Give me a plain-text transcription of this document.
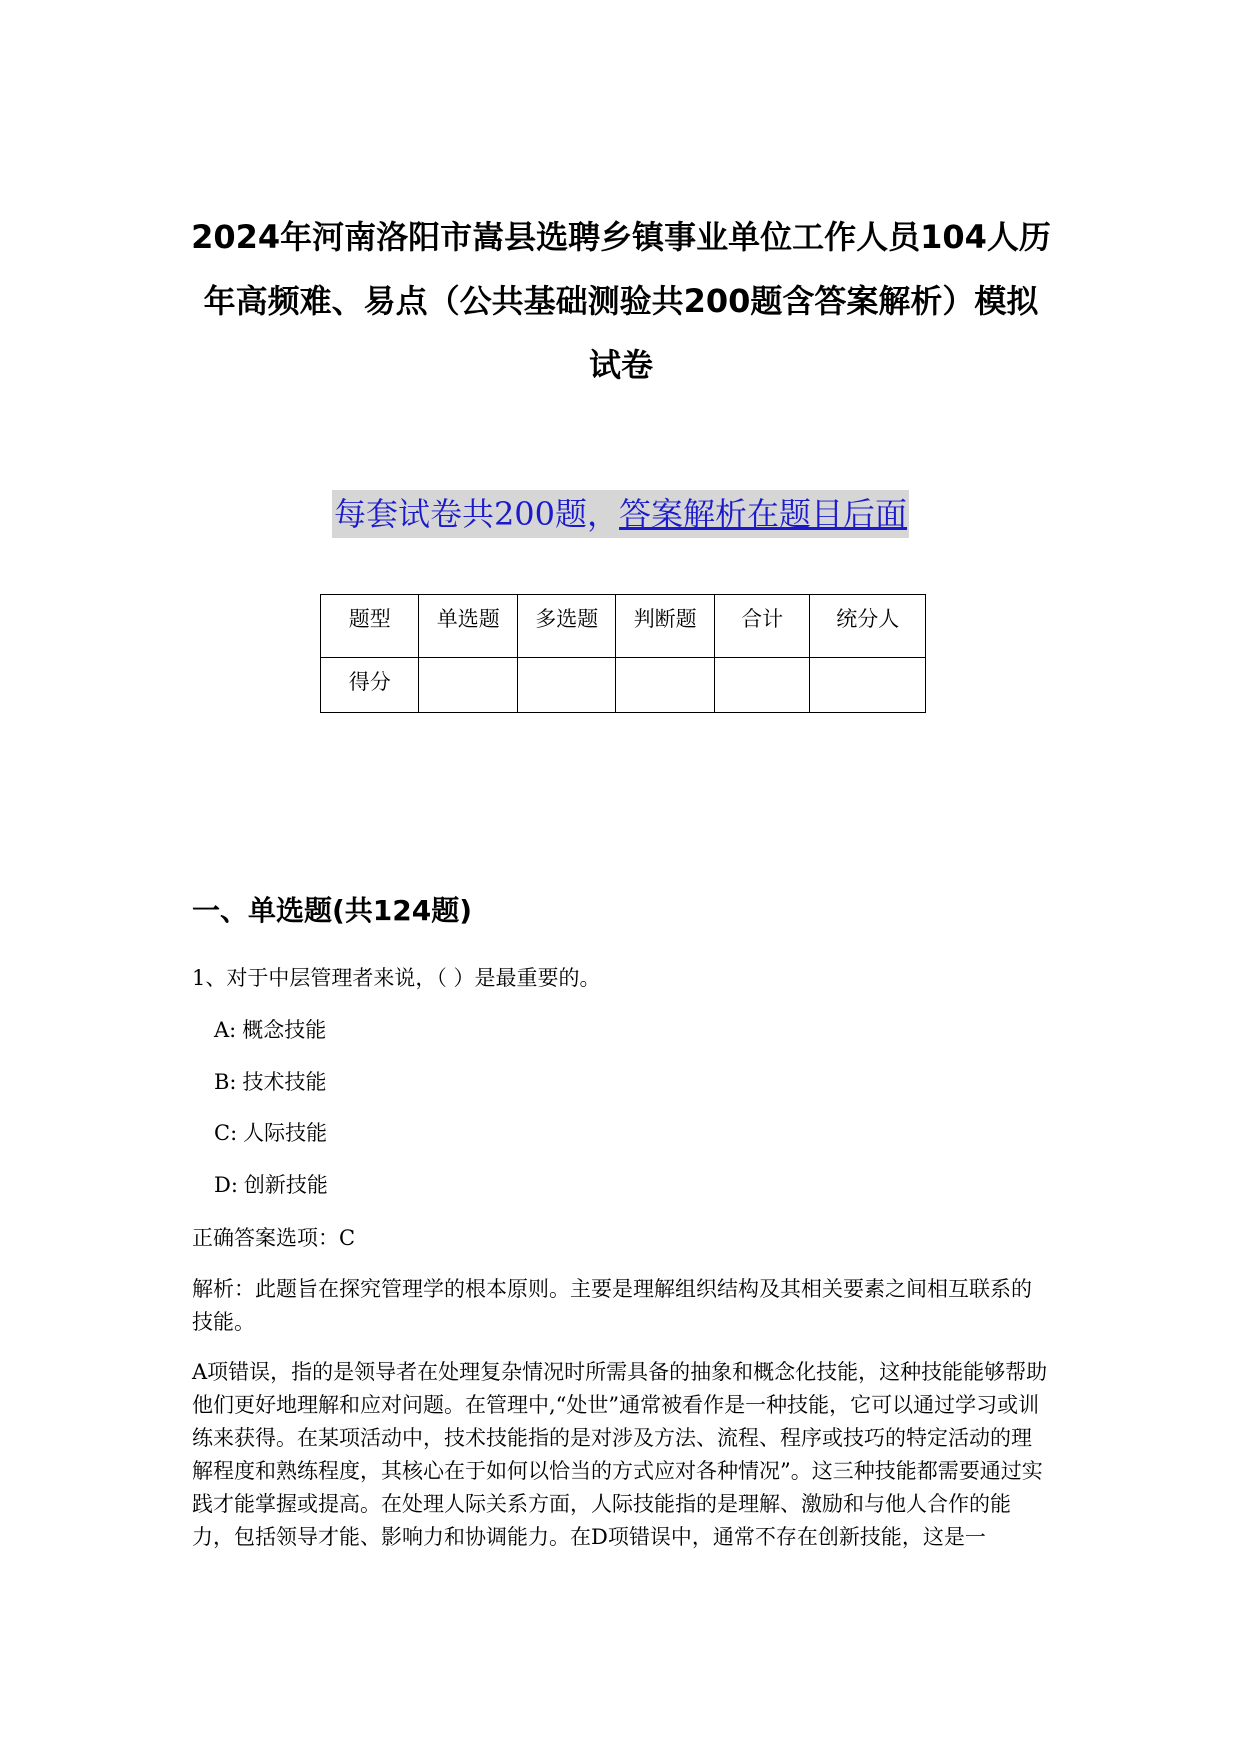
2024年河南洛阳市嵩县选聘乡镇事业单位工作人员104人历
年高频难、易点（公共基础测验共200题含答案解析）模拟
试卷
每套试卷共200题，答案解析在题目后面
题型	单选题	多选题	判断题	合计	统分人
得分					
一、单选题(共124题)

1、对于中层管理者来说，（ ）是最重要的。

A: 概念技能

B: 技术技能

C: 人际技能

D: 创新技能

正确答案选项：C

解析：此题旨在探究管理学的根本原则。主要是理解组织结构及其相关要素之间相互联系的技能。

A项错误，指的是领导者在处理复杂情况时所需具备的抽象和概念化技能，这种技能能够帮助他们更好地理解和应对问题。在管理中,“处世”通常被看作是一种技能，它可以通过学习或训练来获得。在某项活动中，技术技能指的是对涉及方法、流程、程序或技巧的特定活动的理解程度和熟练程度，其核心在于如何以恰当的方式应对各种情况”。这三种技能都需要通过实践才能掌握或提高。在处理人际关系方面，人际技能指的是理解、激励和与他人合作的能力，包括领导才能、影响力和协调能力。在D项错误中，通常不存在创新技能，这是一
